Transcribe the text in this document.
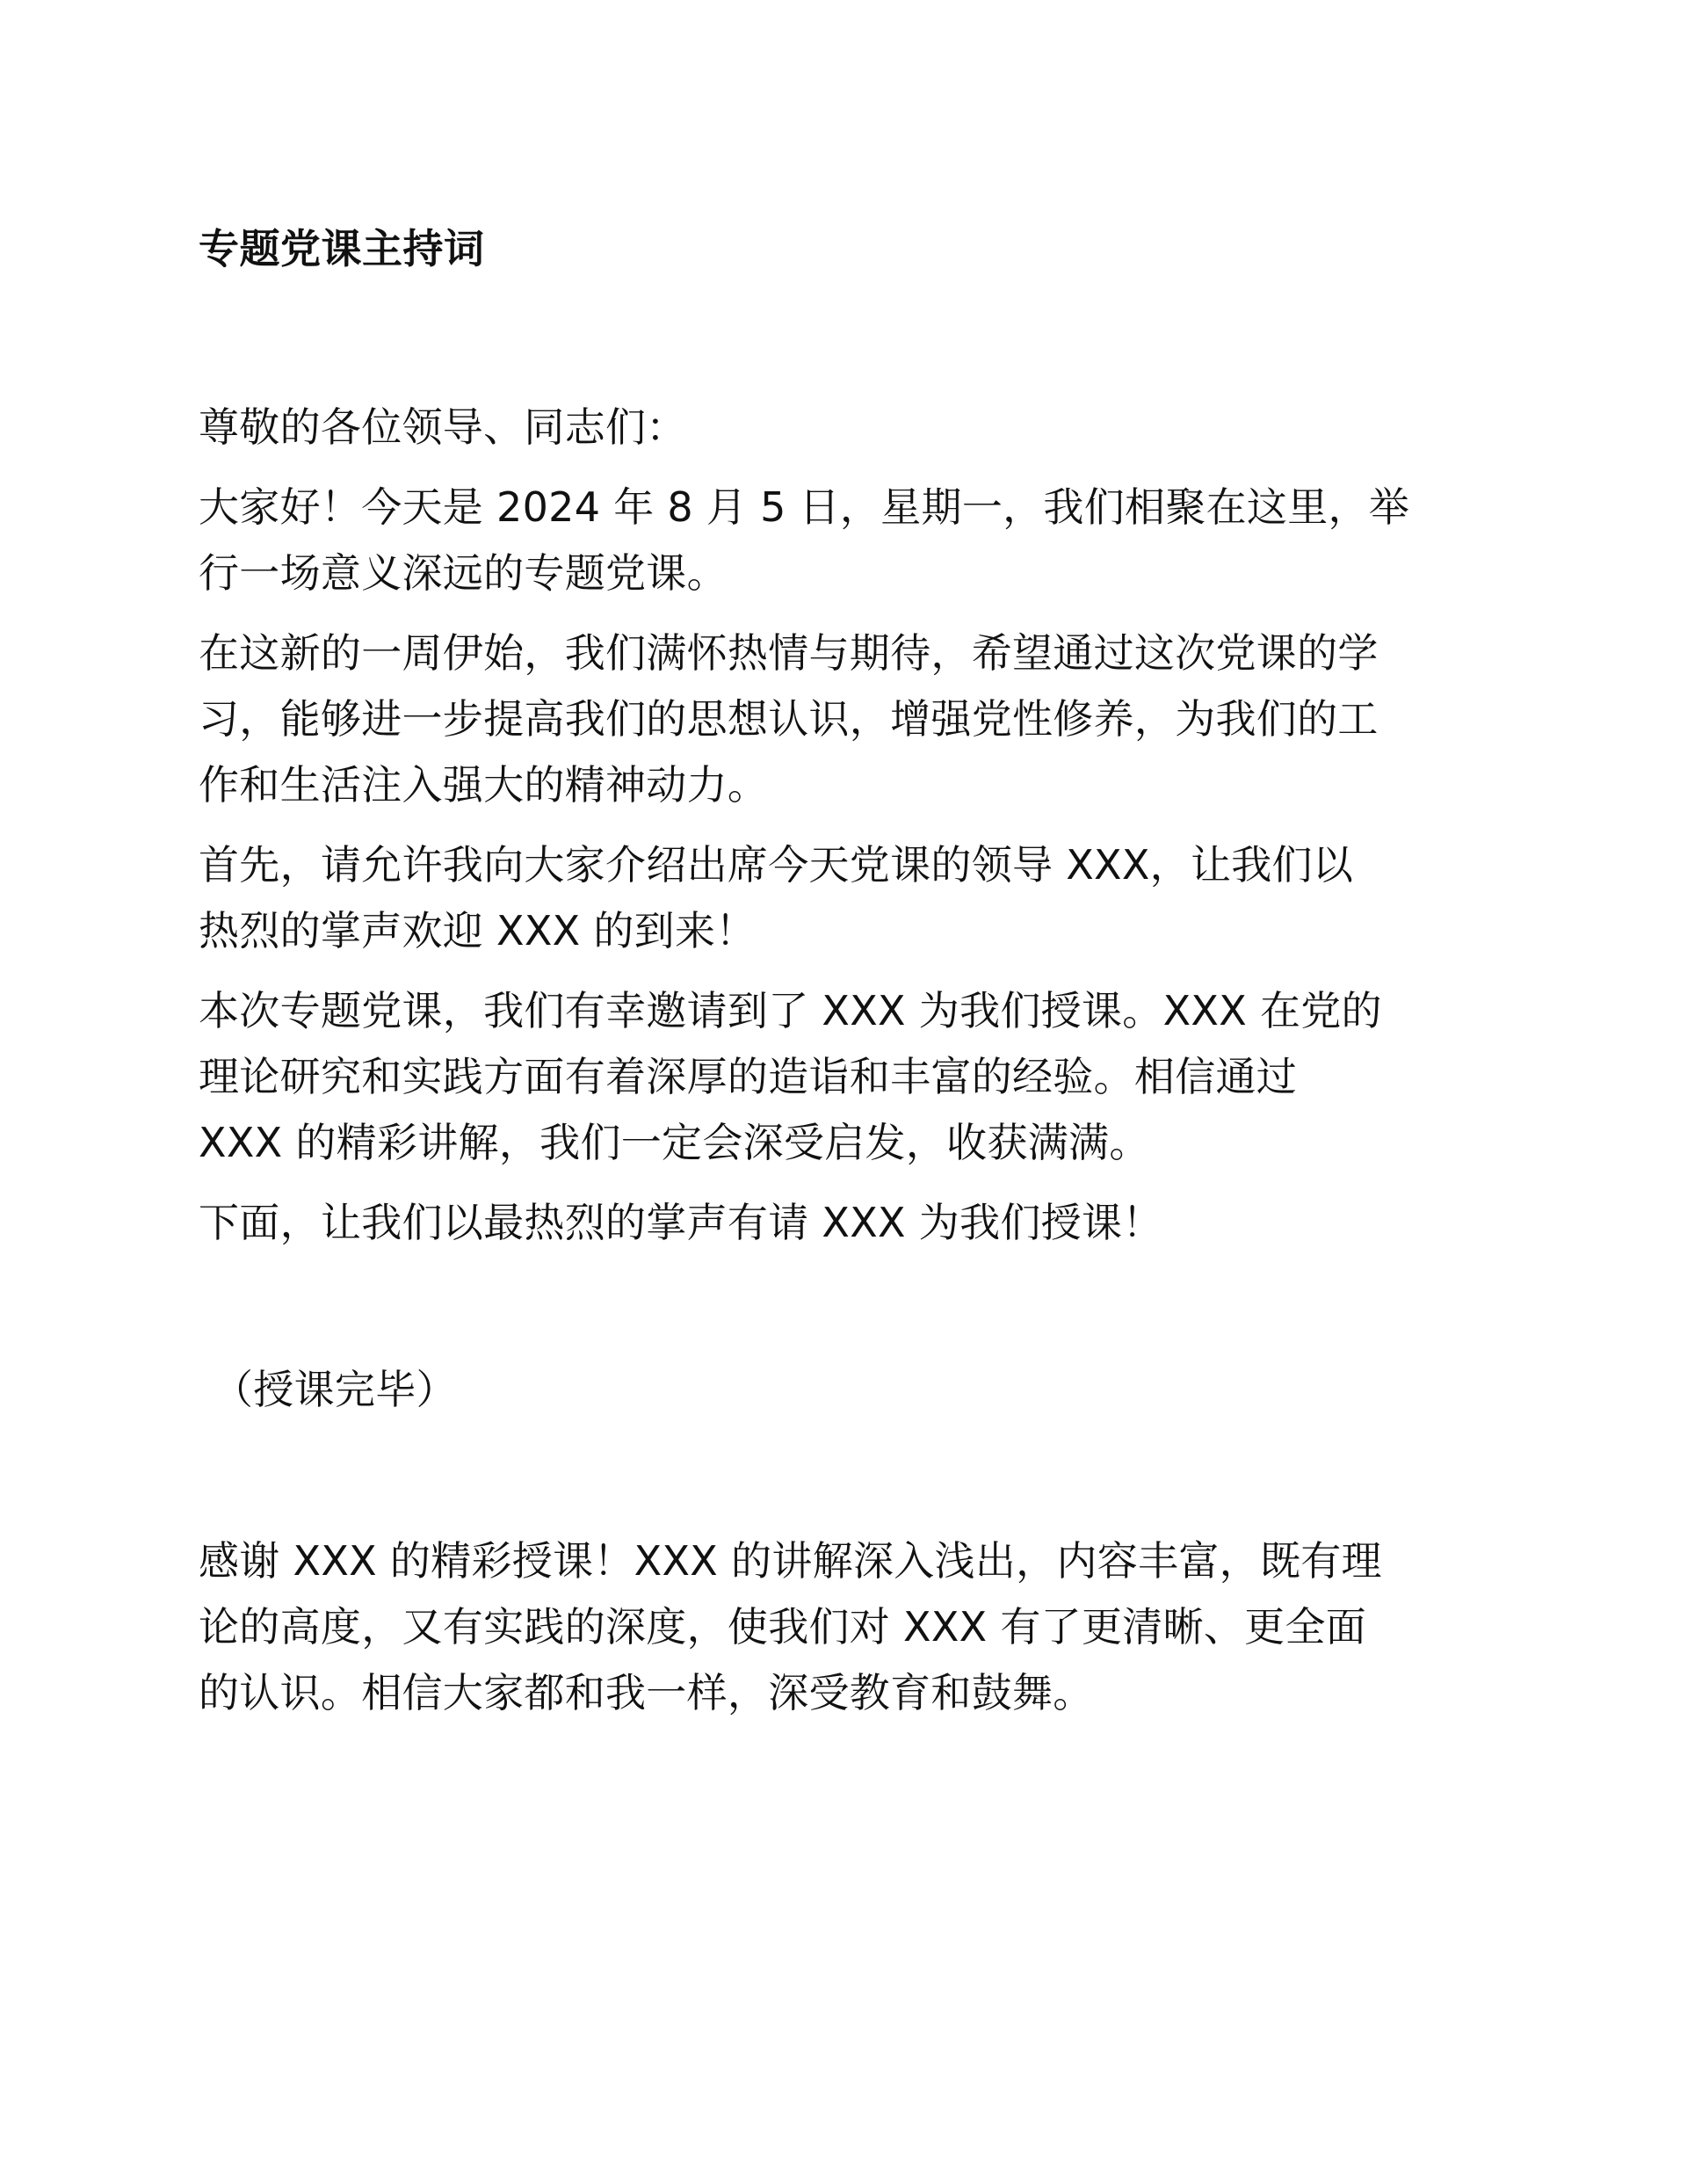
专题党课主持词

尊敬的各位领导、同志们：

大家好！今天是 2024 年 8 月 5 日，星期一，我们相聚在这里，举
行一场意义深远的专题党课。

在这新的一周伊始，我们满怀热情与期待，希望通过这次党课的学
习，能够进一步提高我们的思想认识，增强党性修养，为我们的工
作和生活注入强大的精神动力。

首先，请允许我向大家介绍出席今天党课的领导 XXX，让我们以
热烈的掌声欢迎 XXX 的到来！

本次专题党课，我们有幸邀请到了 XXX 为我们授课。XXX 在党的
理论研究和实践方面有着深厚的造诣和丰富的经验。相信通过
XXX 的精彩讲解，我们一定会深受启发，收获满满。

下面，让我们以最热烈的掌声有请 XXX 为我们授课！

（授课完毕）

感谢 XXX 的精彩授课！XXX 的讲解深入浅出，内容丰富，既有理
论的高度，又有实践的深度，使我们对 XXX 有了更清晰、更全面
的认识。相信大家都和我一样，深受教育和鼓舞。
